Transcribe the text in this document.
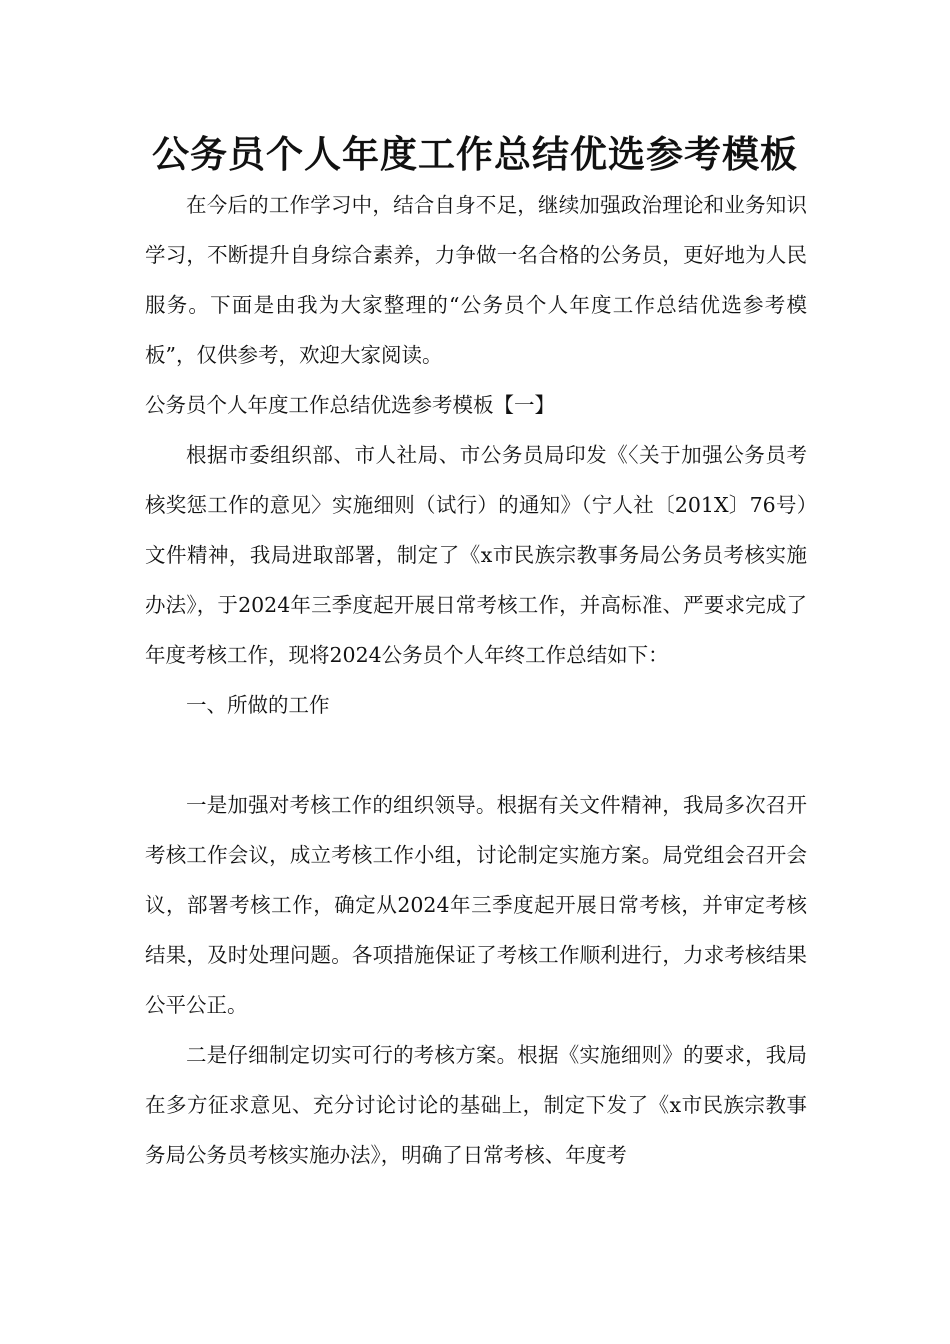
公务员个人年度工作总结优选参考模板

在今后的工作学习中，结合自身不足，继续加强政治理论和业务知识学习，不断提升自身综合素养，力争做一名合格的公务员，更好地为人民服务。下面是由我为大家整理的“公务员个人年度工作总结优选参考模板”，仅供参考，欢迎大家阅读。

公务员个人年度工作总结优选参考模板【一】

根据市委组织部、市人社局、市公务员局印发《〈关于加强公务员考核奖惩工作的意见〉实施细则（试行）的通知》（宁人社〔201X〕76号）文件精神，我局进取部署，制定了《x市民族宗教事务局公务员考核实施办法》，于2024年三季度起开展日常考核工作，并高标准、严要求完成了年度考核工作，现将2024公务员个人年终工作总结如下：

一、所做的工作

一是加强对考核工作的组织领导。根据有关文件精神，我局多次召开考核工作会议，成立考核工作小组，讨论制定实施方案。局党组会召开会议，部署考核工作，确定从2024年三季度起开展日常考核，并审定考核结果，及时处理问题。各项措施保证了考核工作顺利进行，力求考核结果公平公正。

二是仔细制定切实可行的考核方案。根据《实施细则》的要求，我局在多方征求意见、充分讨论讨论的基础上，制定下发了《x市民族宗教事务局公务员考核实施办法》，明确了日常考核、年度考
